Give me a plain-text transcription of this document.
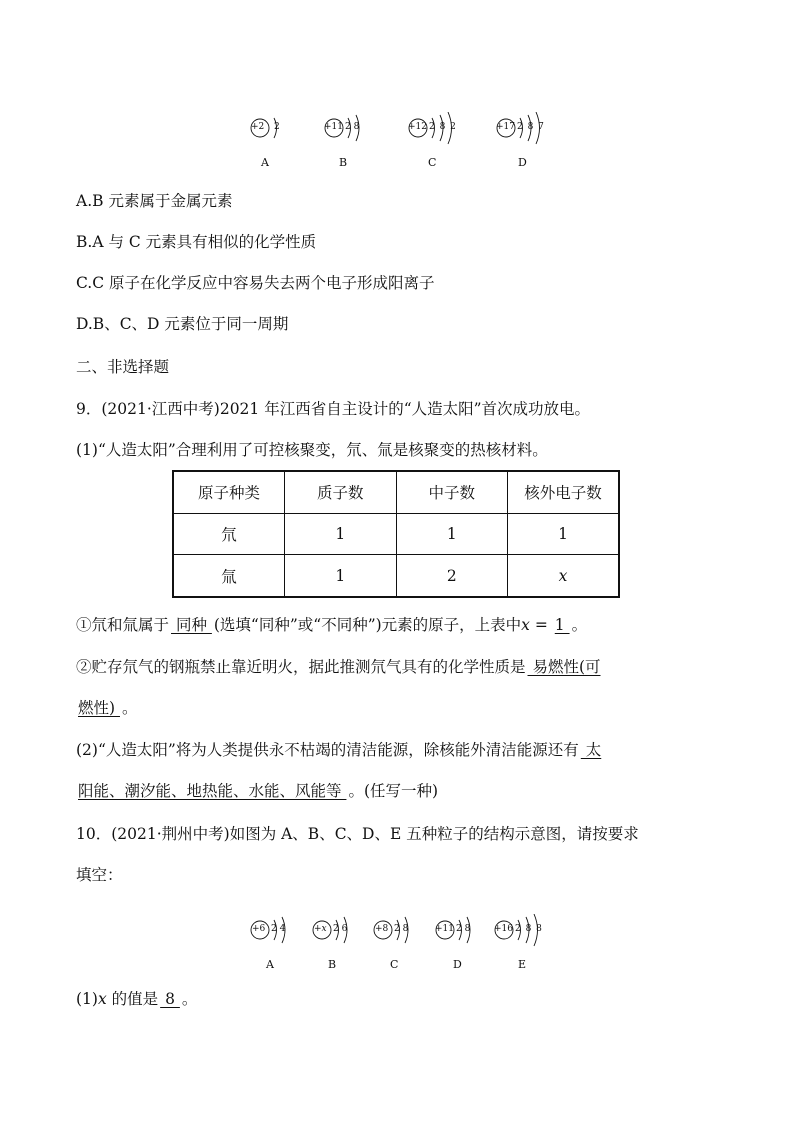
+2 2
A
+11 2 8
B
+12 2 8 2
C
+17 2 8 7
D
A.B 元素属于金属元素
B.A 与 C 元素具有相似的化学性质
C.C 原子在化学反应中容易失去两个电子形成阳离子
D.B、C、D 元素位于同一周期
二、非选择题
9．(2021·江西中考)2021 年江西省自主设计的“人造太阳”首次成功放电。
(1)“人造太阳”合理利用了可控核聚变，氘、氚是核聚变的热核材料。
原子种类	质子数	中子数	核外电子数
氘	1	1	1
氚	1	2	x
①氘和氚属于 同种 (选填“同种”或“不同种”)元素的原子，上表中x = 1 。
②贮存氘气的钢瓶禁止靠近明火，据此推测氘气具有的化学性质是 易燃性(可
燃性) 。
(2)“人造太阳”将为人类提供永不枯竭的清洁能源，除核能外清洁能源还有 太
阳能、潮汐能、地热能、水能、风能等 。(任写一种)
10．(2021·荆州中考)如图为 A、B、C、D、E 五种粒子的结构示意图，请按要求
填空：
+6 2 4
A
+x 2 6
B
+8 2 8
C
+11 2 8
D
+16 2 8 8
E
(1)x 的值是 8 。
